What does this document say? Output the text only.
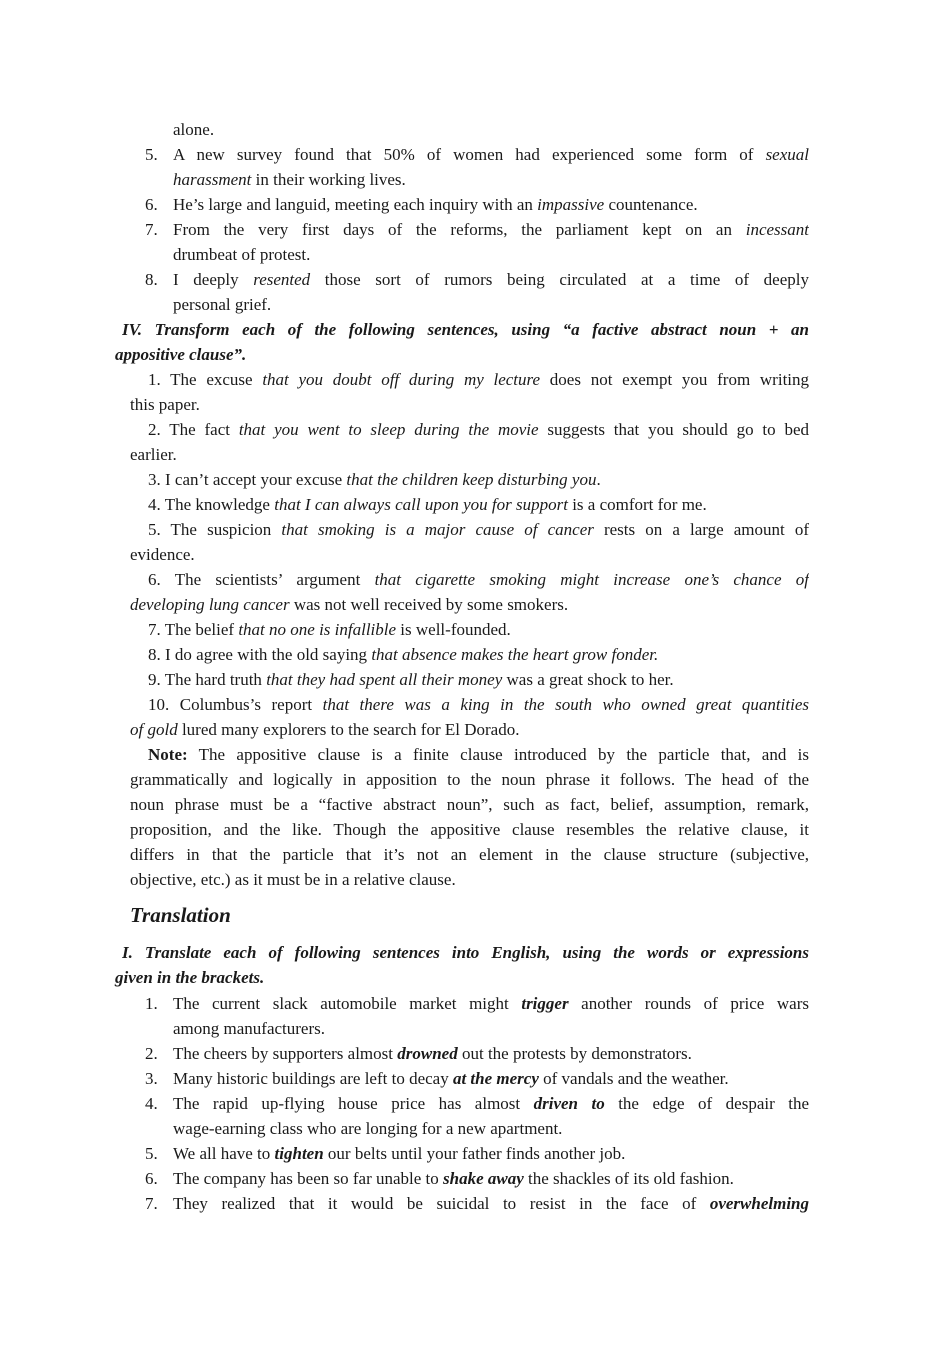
alone.
5. A new survey found that 50% of women had experienced some form of sexual
harassment in their working lives.
6. He’s large and languid, meeting each inquiry with an impassive countenance.
7. From the very first days of the reforms, the parliament kept on an incessant
drumbeat of protest.
8. I deeply resented those sort of rumors being circulated at a time of deeply
personal grief.
IV. Transform each of the following sentences, using “a factive abstract noun + an
appositive clause”.
1. The excuse that you doubt off during my lecture does not exempt you from writing
this paper.
2. The fact that you went to sleep during the movie suggests that you should go to bed
earlier.
3. I can’t accept your excuse that the children keep disturbing you.
4. The knowledge that I can always call upon you for support is a comfort for me.
5. The suspicion that smoking is a major cause of cancer rests on a large amount of
evidence.
6. The scientists’ argument that cigarette smoking might increase one’s chance of
developing lung cancer was not well received by some smokers.
7. The belief that no one is infallible is well-founded.
8. I do agree with the old saying that absence makes the heart grow fonder.
9. The hard truth that they had spent all their money was a great shock to her.
10. Columbus’s report that there was a king in the south who owned great quantities
of gold lured many explorers to the search for El Dorado.
Note: The appositive clause is a finite clause introduced by the particle that, and is
grammatically and logically in apposition to the noun phrase it follows. The head of the
noun phrase must be a “factive abstract noun”, such as fact, belief, assumption, remark,
proposition, and the like. Though the appositive clause resembles the relative clause, it
differs in that the particle that it’s not an element in the clause structure (subjective,
objective, etc.) as it must be in a relative clause.
Translation
I. Translate each of following sentences into English, using the words or expressions
given in the brackets.
1. The current slack automobile market might trigger another rounds of price wars
among manufacturers.
2. The cheers by supporters almost drowned out the protests by demonstrators.
3. Many historic buildings are left to decay at the mercy of vandals and the weather.
4. The rapid up-flying house price has almost driven to the edge of despair the
wage-earning class who are longing for a new apartment.
5. We all have to tighten our belts until your father finds another job.
6. The company has been so far unable to shake away the shackles of its old fashion.
7. They realized that it would be suicidal to resist in the face of overwhelming
